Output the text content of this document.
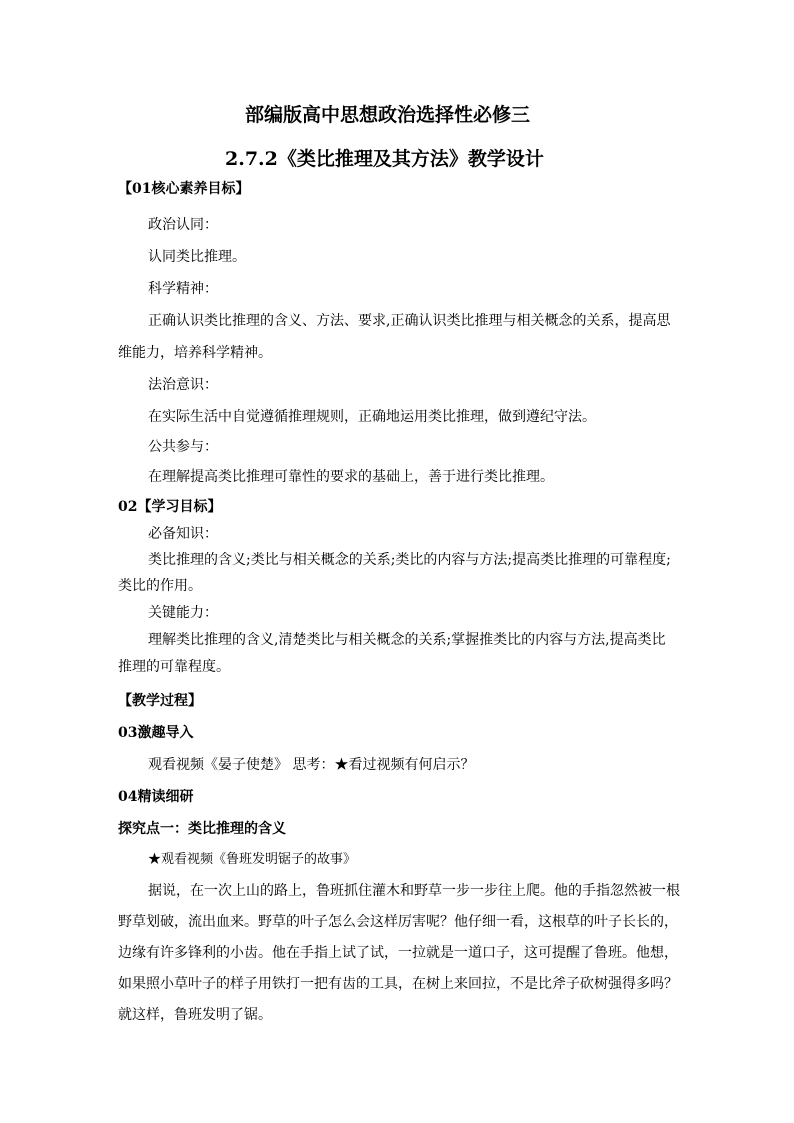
部编版高中思想政治选择性必修三
2.7.2《类比推理及其方法》教学设计
【01核心素养目标】
政治认同：
认同类比推理。
科学精神：
正确认识类比推理的含义、方法、要求,正确认识类比推理与相关概念的关系，提高思
维能力，培养科学精神。
法治意识：
在实际生活中自觉遵循推理规则，正确地运用类比推理，做到遵纪守法。
公共参与：
在理解提高类比推理可靠性的要求的基础上，善于进行类比推理。
02【学习目标】
必备知识：
类比推理的含义;类比与相关概念的关系;类比的内容与方法;提高类比推理的可靠程度;
类比的作用。
关键能力：
理解类比推理的含义,清楚类比与相关概念的关系;掌握推类比的内容与方法,提高类比
推理的可靠程度。
【教学过程】
03激趣导入
观看视频《晏子使楚》 思考：★看过视频有何启示？
04精读细研
探究点一：类比推理的含义
★观看视频《鲁班发明锯子的故事》
据说，在一次上山的路上，鲁班抓住灌木和野草一步一步往上爬。他的手指忽然被一根
野草划破，流出血来。野草的叶子怎么会这样厉害呢？他仔细一看，这根草的叶子长长的，
边缘有许多锋利的小齿。他在手指上试了试，一拉就是一道口子，这可提醒了鲁班。他想，
如果照小草叶子的样子用铁打一把有齿的工具，在树上来回拉，不是比斧子砍树强得多吗？
就这样，鲁班发明了锯。
